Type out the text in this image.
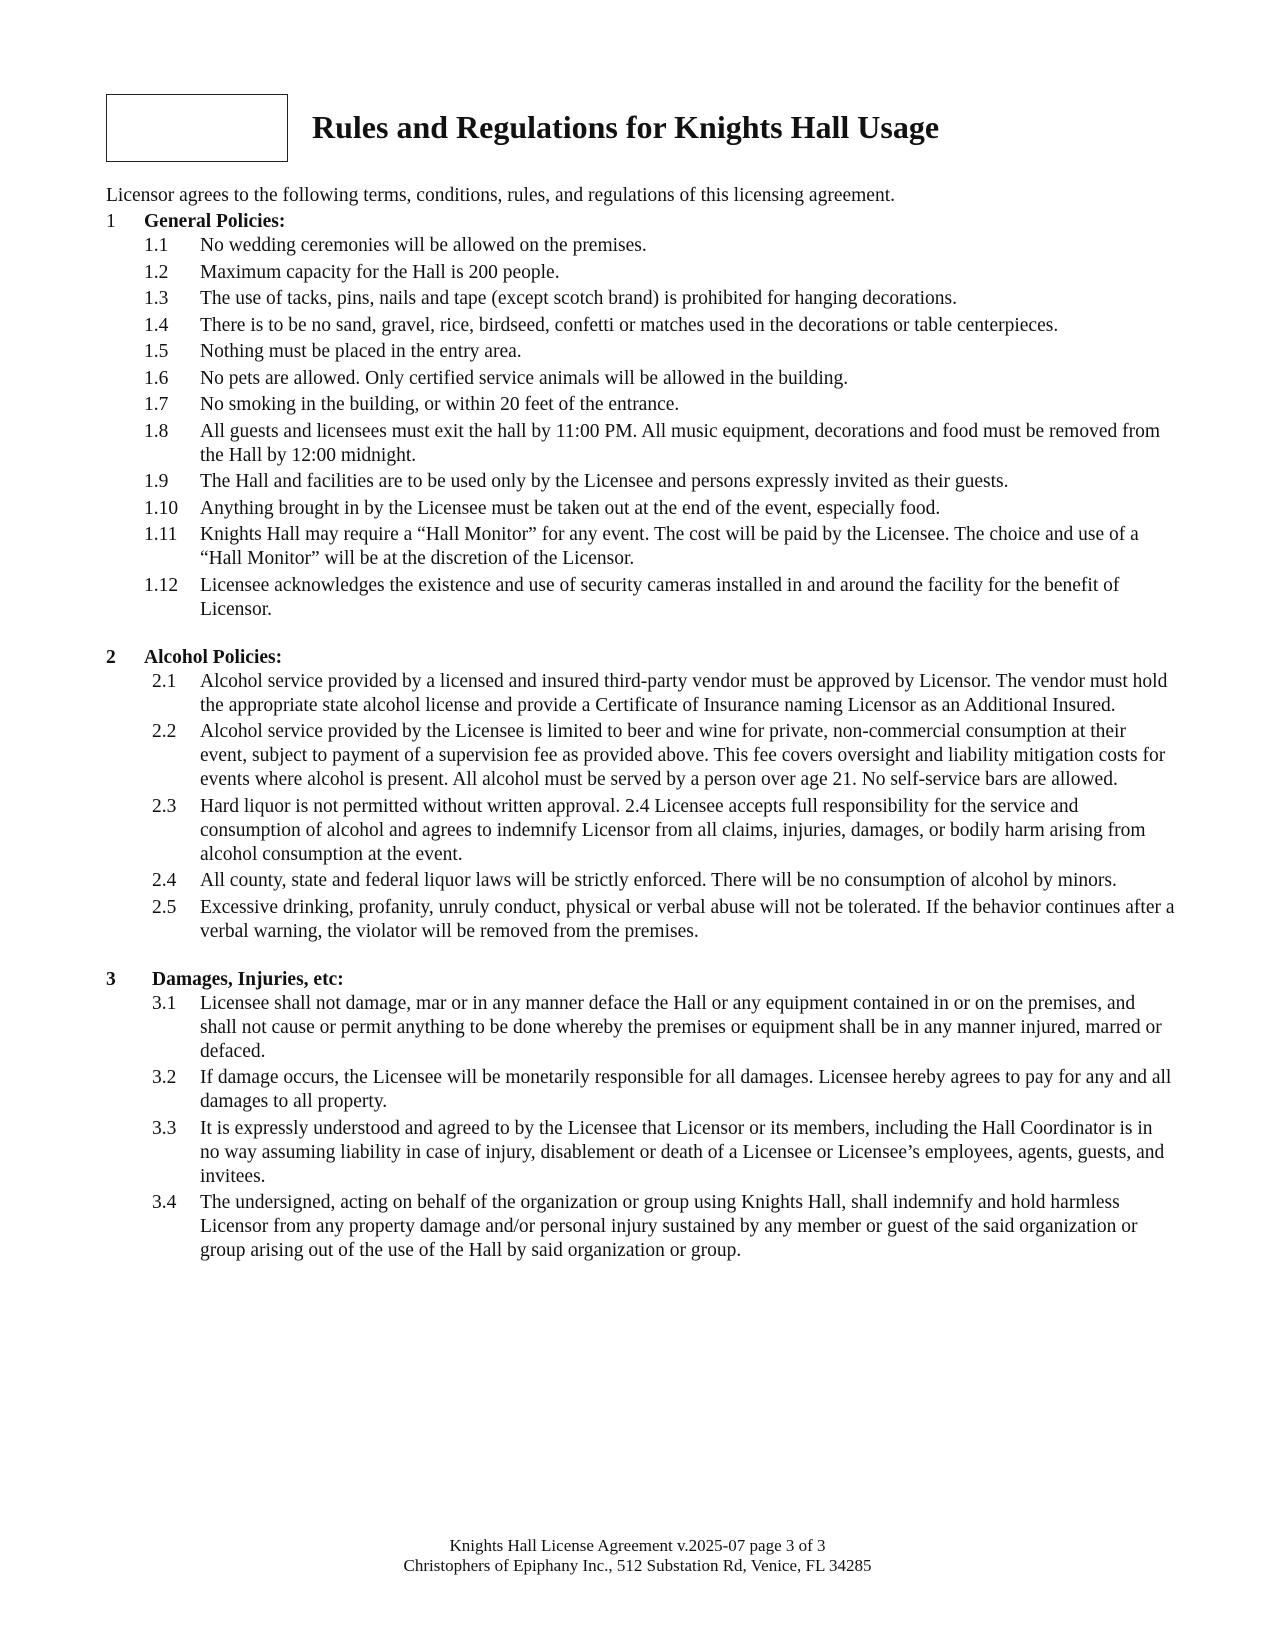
Rules and Regulations for Knights Hall Usage

Licensor agrees to the following terms, conditions, rules, and regulations of this licensing agreement.

1	General Policies:
1.1	No wedding ceremonies will be allowed on the premises.
1.2	Maximum capacity for the Hall is 200 people.
1.3	The use of tacks, pins, nails and tape (except scotch brand) is prohibited for hanging decorations.
1.4	There is to be no sand, gravel, rice, birdseed, confetti or matches used in the decorations or table centerpieces.
1.5	Nothing must be placed in the entry area.
1.6	No pets are allowed. Only certified service animals will be allowed in the building.
1.7	No smoking in the building, or within 20 feet of the entrance.
1.8	All guests and licensees must exit the hall by 11:00 PM. All music equipment, decorations and food must be removed from the Hall by 12:00 midnight.
1.9	The Hall and facilities are to be used only by the Licensee and persons expressly invited as their guests.
1.10	Anything brought in by the Licensee must be taken out at the end of the event, especially food.
1.11	Knights Hall may require a “Hall Monitor” for any event. The cost will be paid by the Licensee. The choice and use of a “Hall Monitor” will be at the discretion of the Licensor.
1.12	Licensee acknowledges the existence and use of security cameras installed in and around the facility for the benefit of Licensor.
2	Alcohol Policies:
2.1	Alcohol service provided by a licensed and insured third-party vendor must be approved by Licensor. The vendor must hold the appropriate state alcohol license and provide a Certificate of Insurance naming Licensor as an Additional Insured.
2.2	Alcohol service provided by the Licensee is limited to beer and wine for private, non-commercial consumption at their event, subject to payment of a supervision fee as provided above. This fee covers oversight and liability mitigation costs for events where alcohol is present. All alcohol must be served by a person over age 21. No self-service bars are allowed.
2.3	Hard liquor is not permitted without written approval. 2.4 Licensee accepts full responsibility for the service and consumption of alcohol and agrees to indemnify Licensor from all claims, injuries, damages, or bodily harm arising from alcohol consumption at the event.
2.4	All county, state and federal liquor laws will be strictly enforced. There will be no consumption of alcohol by minors.
2.5	Excessive drinking, profanity, unruly conduct, physical or verbal abuse will not be tolerated. If the behavior continues after a verbal warning, the violator will be removed from the premises.
3	Damages, Injuries, etc:
3.1	Licensee shall not damage, mar or in any manner deface the Hall or any equipment contained in or on the premises, and shall not cause or permit anything to be done whereby the premises or equipment shall be in any manner injured, marred or defaced.
3.2	If damage occurs, the Licensee will be monetarily responsible for all damages. Licensee hereby agrees to pay for any and all damages to all property.
3.3	It is expressly understood and agreed to by the Licensee that Licensor or its members, including the Hall Coordinator is in no way assuming liability in case of injury, disablement or death of a Licensee or Licensee’s employees, agents, guests, and invitees.
3.4	The undersigned, acting on behalf of the organization or group using Knights Hall, shall indemnify and hold harmless Licensor from any property damage and/or personal injury sustained by any member or guest of the said organization or group arising out of the use of the Hall by said organization or group.
Knights Hall License Agreement v.2025-07 page 3 of 3
Christophers of Epiphany Inc., 512 Substation Rd, Venice, FL 34285
